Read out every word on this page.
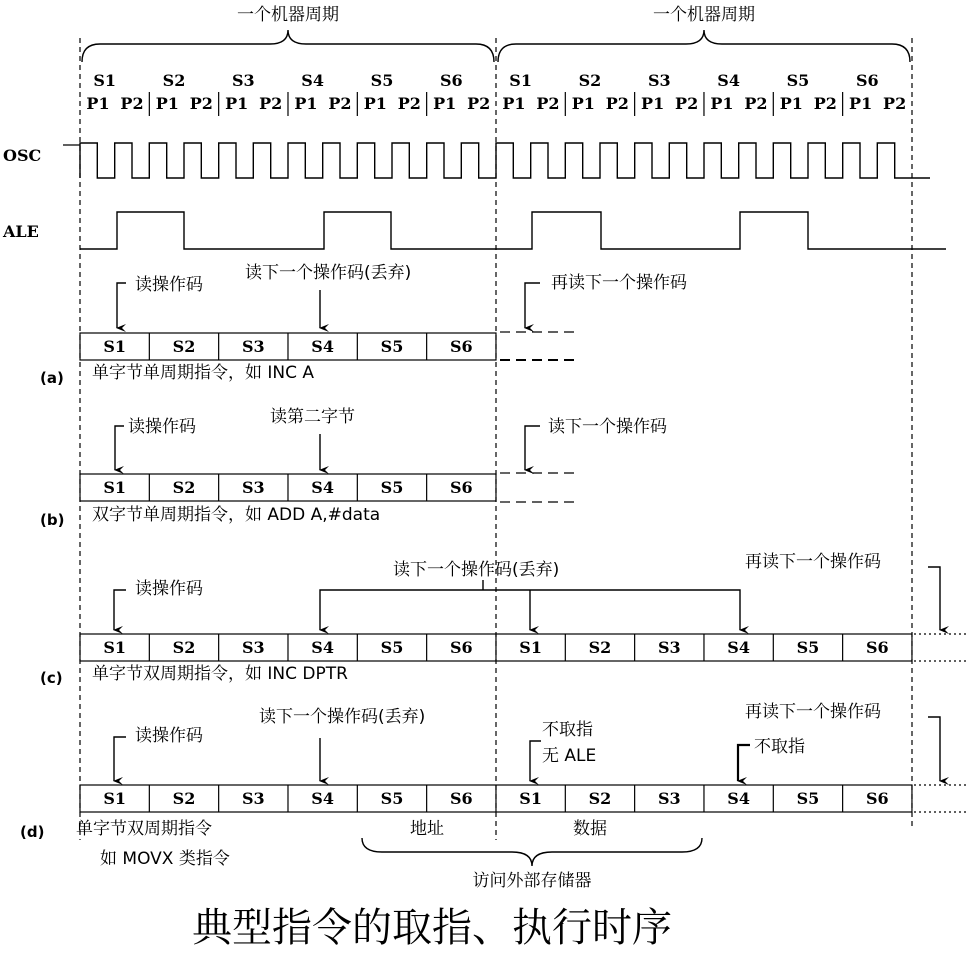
一个机器周期	一个机器周期
S1
P1 P2
S2
P1 P2
S3
P1 P2
S4
P1 P2
S5
P1 P2
S6
P1 P2
S1
P1 P2
S2
P1 P2
S3
P1 P2
S4
P1 P2
S5
P1 P2
S6
P1 P2
OSC
ALE
S1	S2	S3	S4	S5	S6
读操作码
读下一个操作码(丢弃)	再读下一个操作码
(a) 单字节单周期指令，如 INC A
S1	S2	S3	S4	S5	S6
读操作码	读第二字节	读下一个操作码
(b) 双字节单周期指令，如 ADD A,#data
S1	S2	S3	S4	S5	S6	S1	S2	S3	S4	S5	S6
读操作码
读下一个操作码(丢弃)	再读下一个操作码
(c) 单字节双周期指令，如 INC DPTR
S1	S2	S3	S4	S5	S6	S1	S2	S3	S4	S5	S6
读操作码
读下一个操作码(丢弃)
不取指
无 ALE	不取指
再读下一个操作码
(d) 单字节双周期指令
如 MOVX 类指令
地址	数据
访问外部存储器
典型指令的取指、执行时序
